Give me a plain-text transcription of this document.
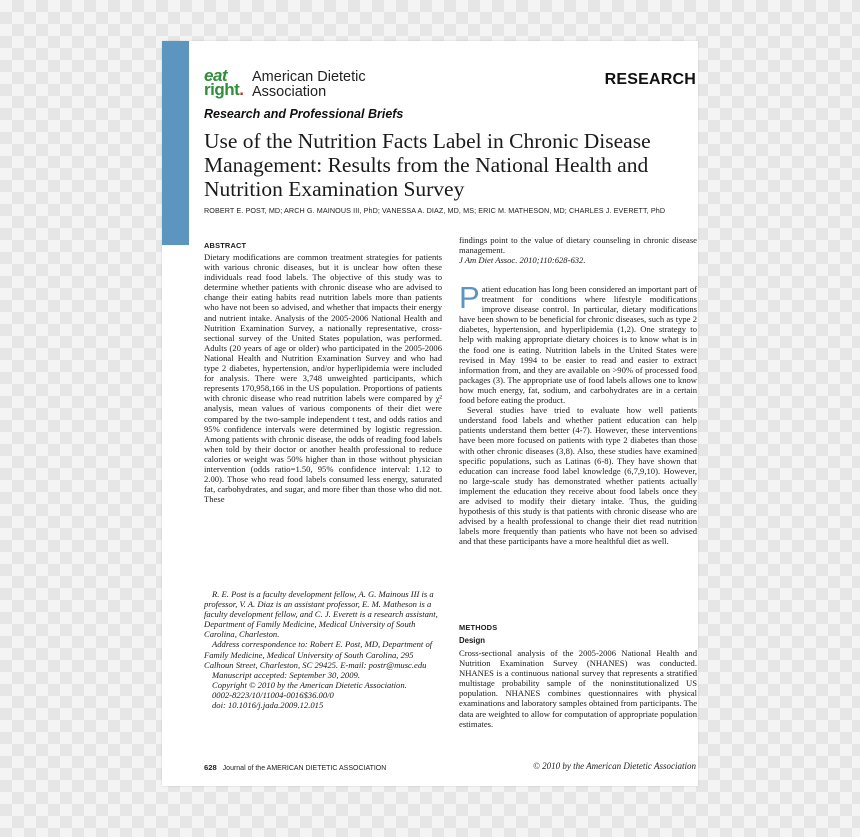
eat
right.
American Dietetic
Association
RESEARCH
Research and Professional Briefs
Use of the Nutrition Facts Label in Chronic Disease Management: Results from the National Health and Nutrition Examination Survey
ROBERT E. POST, MD; ARCH G. MAINOUS III, PhD; VANESSA A. DIAZ, MD, MS; ERIC M. MATHESON, MD; CHARLES J. EVERETT, PhD
ABSTRACT
Dietary modifications are common treatment strategies for patients with various chronic diseases, but it is unclear how often these individuals read food labels. The objective of this study was to determine whether patients with chronic disease who are advised to change their eating habits read nutrition labels more than patients who have not been so advised, and whether that impacts their energy and nutrient intake. Analysis of the 2005-2006 National Health and Nutrition Examination Survey, a nationally representative, cross-sectional survey of the United States population, was performed. Adults (20 years of age or older) who participated in the 2005-2006 National Health and Nutrition Examination Survey and who had type 2 diabetes, hypertension, and/or hyperlipidemia were included for analysis. There were 3,748 unweighted participants, which represents 170,958,166 in the US population. Proportions of patients with chronic disease who read nutrition labels were compared by χ² analysis, mean values of various components of their diet were compared by the two-sample independent t test, and odds ratios and 95% confidence intervals were determined by logistic regression. Among patients with chronic disease, the odds of reading food labels when told by their doctor or another health professional to reduce calories or weight was 50% higher than in those without physician intervention (odds ratio=1.50, 95% confidence interval: 1.12 to 2.00). Those who read food labels consumed less energy, saturated fat, carbohydrates, and sugar, and more fiber than those who did not. These

R. E. Post is a faculty development fellow, A. G. Mainous III is a professor, V. A. Diaz is an assistant professor, E. M. Matheson is a faculty development fellow, and C. J. Everett is a research assistant, Department of Family Medicine, Medical University of South Carolina, Charleston.

Address correspondence to: Robert E. Post, MD, Department of Family Medicine, Medical University of South Carolina, 295 Calhoun Street, Charleston, SC 29425. E-mail: postr@musc.edu

Manuscript accepted: September 30, 2009.

Copyright © 2010 by the American Dietetic Association.

0002-8223/10/11004-0016$36.00/0

doi: 10.1016/j.jada.2009.12.015

findings point to the value of dietary counseling in chronic disease management.
J Am Diet Assoc. 2010;110:628-632.

Patient education has long been considered an important part of treatment for conditions where lifestyle modifications improve disease control. In particular, dietary modifications have been shown to be beneficial for chronic diseases, such as type 2 diabetes, hypertension, and hyperlipidemia (1,2). One strategy to help with making appropriate dietary choices is to know what is in the food one is eating. Nutrition labels in the United States were revised in May 1994 to be easier to read and easier to extract information from, and they are available on >90% of processed food packages (3). The appropriate use of food labels allows one to know how much energy, fat, sodium, and carbohydrates are in a certain food before eating the product.

Several studies have tried to evaluate how well patients understand food labels and whether patient education can help patients understand them better (4-7). However, these interventions have been more focused on patients with type 2 diabetes than those with other chronic diseases (3,8). Also, these studies have examined specific populations, such as Latinas (6-8). They have shown that education can increase food label knowledge (6,7,9,10). However, no large-scale study has demonstrated whether patients actually implement the education they receive about food labels once they are advised to modify their dietary intake. Thus, the guiding hypothesis of this study is that patients with chronic disease who are advised by a health professional to change their diet read nutrition labels more frequently than patients who have not been so advised and that these participants have a more healthful diet as well.

METHODS
Design
Cross-sectional analysis of the 2005-2006 National Health and Nutrition Examination Survey (NHANES) was conducted. NHANES is a continuous national survey that represents a stratified multistage probability sample of the noninstitutionalized US population. NHANES combines questionnaires with physical examinations and laboratory samples obtained from participants. The data are weighted to allow for computation of appropriate population estimates.
628 Journal of the AMERICAN DIETETIC ASSOCIATION	© 2010 by the American Dietetic Association
